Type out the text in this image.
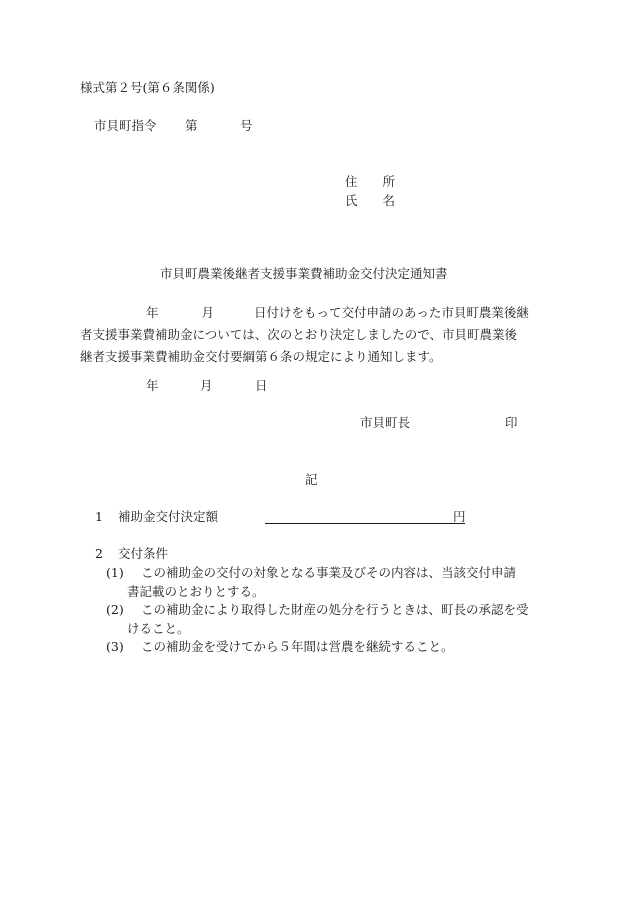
様式第２号(第６条関係)
市貝町指令 第	号
住　　所
氏　　名
市貝町農業後継者支援事業費補助金交付決定通知書
年	月	日付けをもって交付申請のあった市貝町農業後継
者支援事業費補助金については、次のとおり決定しましたので、市貝町農業後
継者支援事業費補助金交付要綱第６条の規定により通知します。
年	月	日
市貝町長	印
記
1 補助金交付決定額	円
2 交付条件
(1) この補助金の交付の対象となる事業及びその内容は、当該交付申請
書記載のとおりとする。
(2) この補助金により取得した財産の処分を行うときは、町長の承認を受
けること。
(3) この補助金を受けてから５年間は営農を継続すること。
